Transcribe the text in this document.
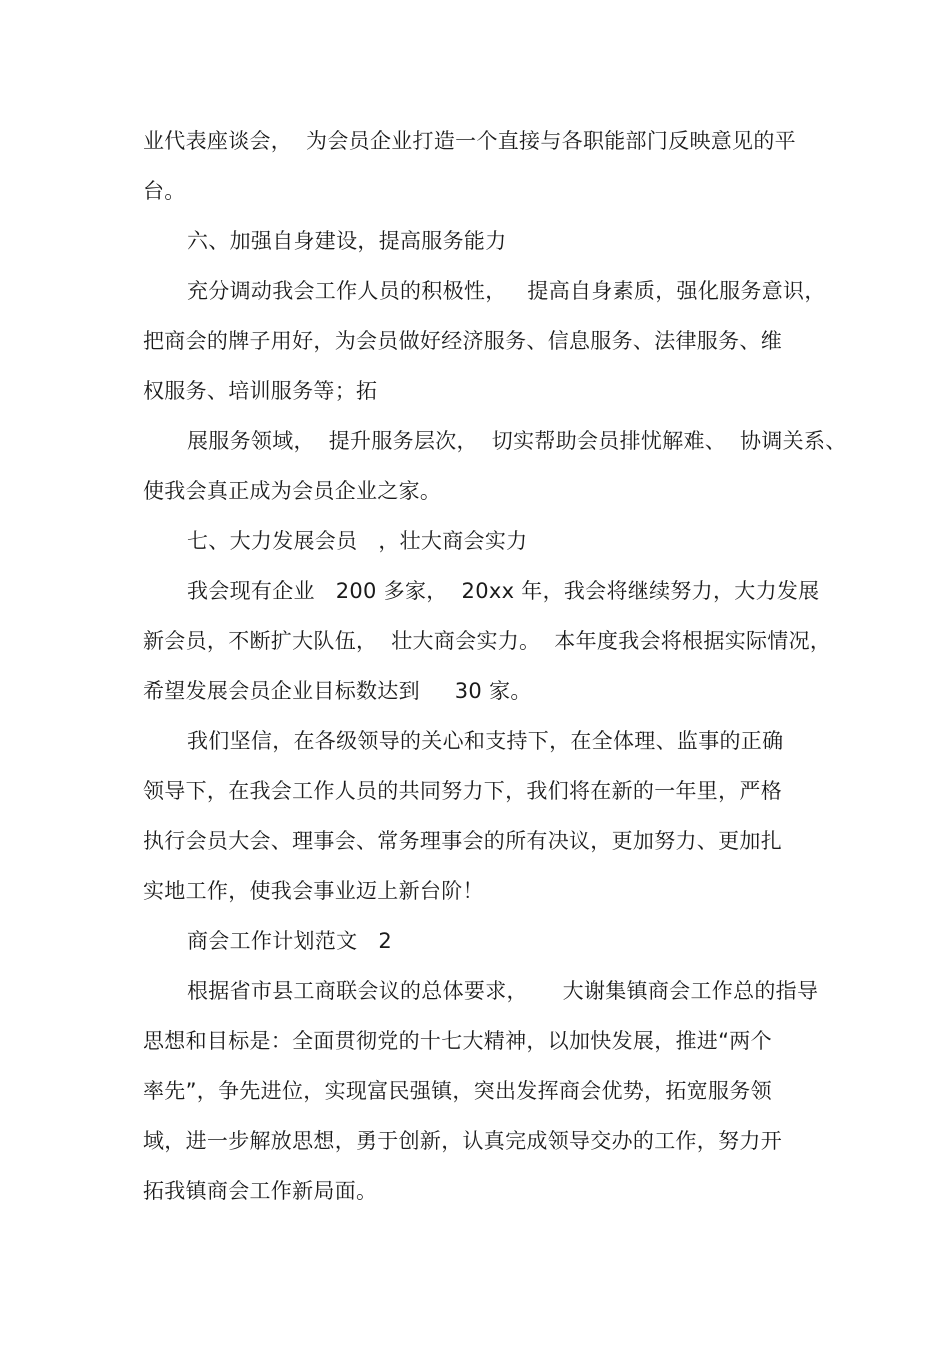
业代表座谈会，  为会员企业打造一个直接与各职能部门反映意见的平
台。
六、加强自身建设，提高服务能力
充分调动我会工作人员的积极性，   提高自身素质，强化服务意识，
把商会的牌子用好，为会员做好经济服务、信息服务、法律服务、维
权服务、培训服务等；拓
展服务领域，  提升服务层次，  切实帮助会员排忧解难、  协调关系、
使我会真正成为会员企业之家。
七、大力发展会员   ，壮大商会实力
我会现有企业   200 多家，  20xx 年，我会将继续努力，大力发展
新会员，不断扩大队伍，  壮大商会实力。  本年度我会将根据实际情况，
希望发展会员企业目标数达到     30 家。
我们坚信，在各级领导的关心和支持下，在全体理、监事的正确
领导下，在我会工作人员的共同努力下，我们将在新的一年里，严格
执行会员大会、理事会、常务理事会的所有决议，更加努力、更加扎
实地工作，使我会事业迈上新台阶！
商会工作计划范文   2
根据省市县工商联会议的总体要求，     大谢集镇商会工作总的指导
思想和目标是：全面贯彻党的十七大精神，以加快发展，推进“两个
率先”，争先进位，实现富民强镇，突出发挥商会优势，拓宽服务领
域，进一步解放思想，勇于创新，认真完成领导交办的工作，努力开
拓我镇商会工作新局面。
